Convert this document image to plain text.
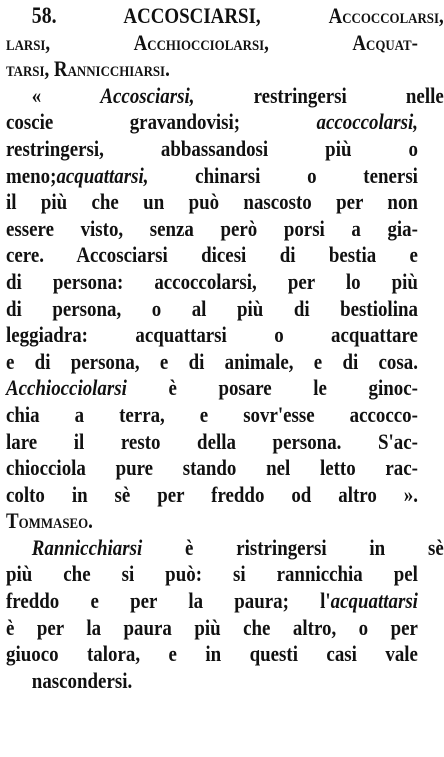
58.	ACCOSCIARSI, Accoccolarsi,
larsi, Acchiocciolarsi, Acquat-
tarsi, Rannicchiarsi.
«	Accosciarsi,	restringersi nelle
coscie gravandovisi;	accoccolarsi,
restringersi, abbassandosi più o
meno;acquattarsi, chinarsi o tenersi
il più che un può nascosto per non
essere visto, senza però porsi a gia-
cere. Accosciarsi dicesi di bestia e
di persona: accoccolarsi, per lo più
di persona, o al più di bestiolina
leggiadra: acquattarsi o acquattare
e di persona, e di animale, e di cosa.
Acchiocciolarsi è posare le ginoc-
chia a terra, e sovr'esse accocco-
lare il resto della persona. S'ac-
chiocciola pure stando nel letto rac-
colto in sè per freddo od altro ».
Tommaseo.
Rannicchiarsi è ristringersi in sè
più che si può: si rannicchia pel
freddo e per la paura; l'acquattarsi
è per la paura più che altro, o per
giuoco talora, e in questi casi vale
nascondersi.
